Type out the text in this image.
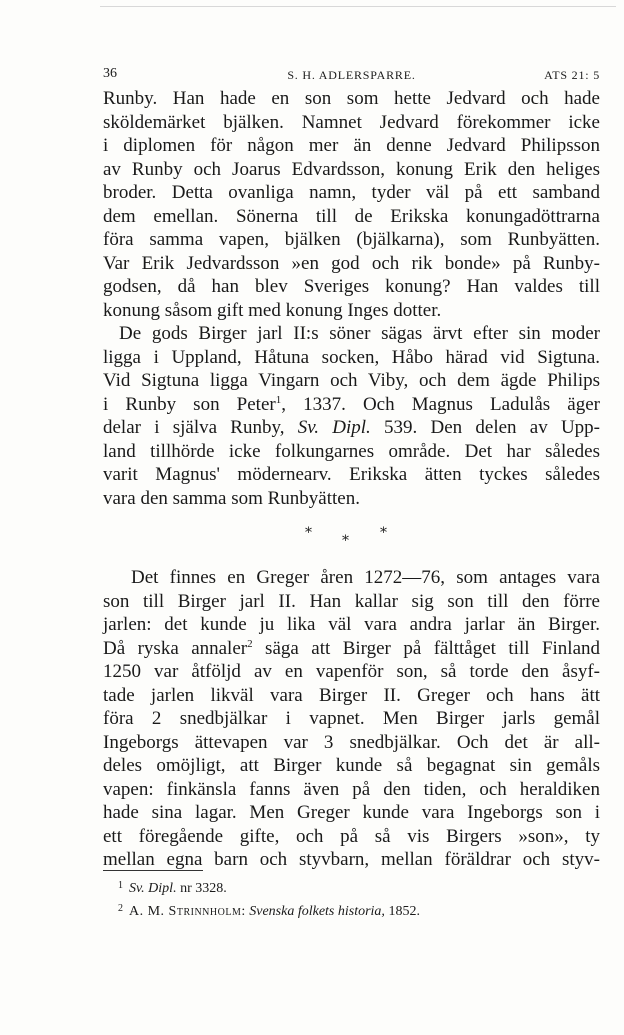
36	S. H. ADLERSPARRE.	ATS 21: 5
Runby. Han hade en son som hette Jedvard och hade
sköldemärket bjälken. Namnet Jedvard förekommer icke
i diplomen för någon mer än denne Jedvard Philipsson
av Runby och Joarus Edvardsson, konung Erik den heliges
broder. Detta ovanliga namn, tyder väl på ett samband
dem emellan. Sönerna till de Erikska konungadöttrarna
föra samma vapen, bjälken (bjälkarna), som Runbyätten.
Var Erik Jedvardsson »en god och rik bonde» på Runby-
godsen, då han blev Sveriges konung? Han valdes till
konung såsom gift med konung Inges dotter.
De gods Birger jarl II:s söner sägas ärvt efter sin moder
ligga i Uppland, Håtuna socken, Håbo härad vid Sigtuna.
Vid Sigtuna ligga Vingarn och Viby, och dem ägde Philips
i Runby son Peter$^1$, 1337. Och Magnus Ladulås äger
delar i själva Runby, Sv. Dipl. 539. Den delen av Upp-
land tillhörde icke folkungarnes område. Det har således
varit Magnus' mödernearv. Erikska ätten tyckes således
vara den samma som Runbyätten.
* * *
Det finnes en Greger åren 1272—76, som antages vara
son till Birger jarl II. Han kallar sig son till den förre
jarlen: det kunde ju lika väl vara andra jarlar än Birger.
Då ryska annaler$^2$ säga att Birger på fälttåget till Finland
1250 var åtföljd av en vapenför son, så torde den åsyf-
tade jarlen likväl vara Birger II. Greger och hans ätt
föra 2 snedbjälkar i vapnet. Men Birger jarls gemål
Ingeborgs ättevapen var 3 snedbjälkar. Och det är all-
deles omöjligt, att Birger kunde så begagnat sin gemåls
vapen: finkänsla fanns även på den tiden, och heraldiken
hade sina lagar. Men Greger kunde vara Ingeborgs son i
ett föregående gifte, och på så vis Birgers »son», ty
mellan egna barn och styvbarn, mellan föräldrar och styv-
$^1$ Sv. Dipl. nr 3328.
$^2$ A. M. Strinnholm: Svenska folkets historia, 1852.
